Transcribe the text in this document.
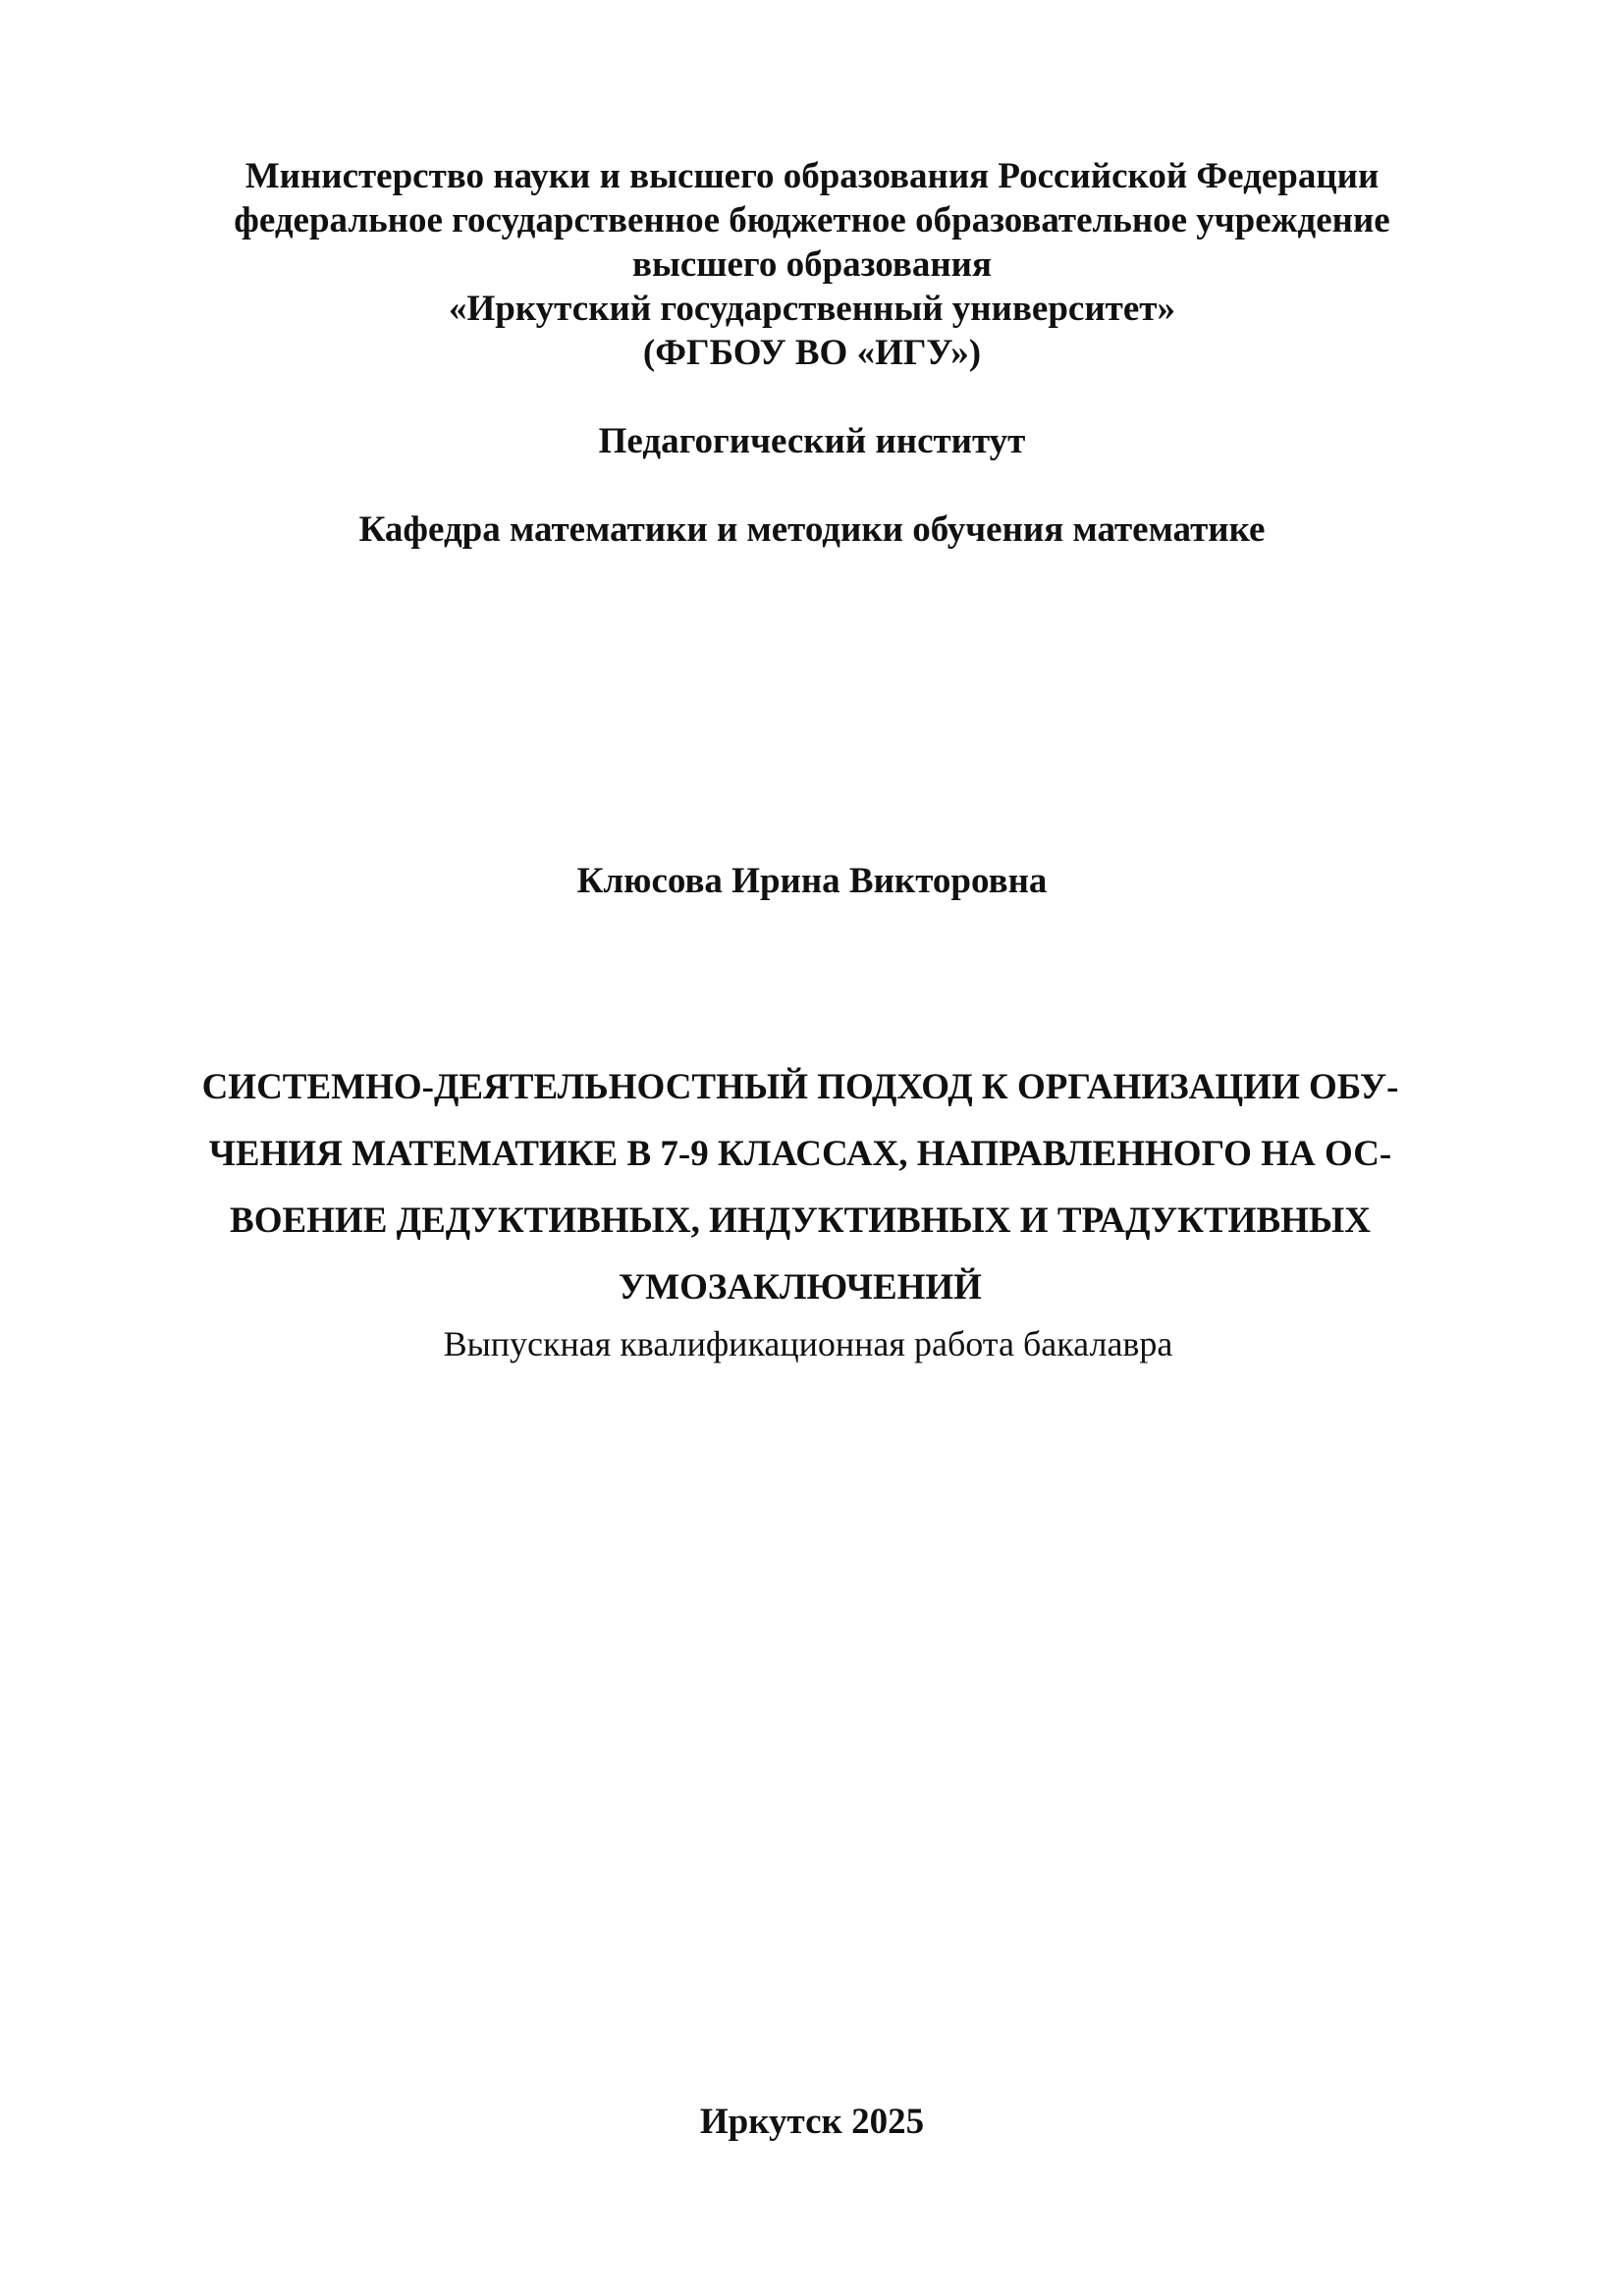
Министерство науки и высшего образования Российской Федерации
федеральное государственное бюджетное образовательное учреждение
высшего образования
«Иркутский государственный университет»
(ФГБОУ ВО «ИГУ»)
Педагогический институт
Кафедра математики и методики обучения математике
Клюсова Ирина Викторовна
СИСТЕМНО-ДЕЯТЕЛЬНОСТНЫЙ ПОДХОД К ОРГАНИЗАЦИИ ОБУ-
ЧЕНИЯ МАТЕМАТИКЕ В 7-9 КЛАССАХ, НАПРАВЛЕННОГО НА ОС-
ВОЕНИЕ ДЕДУКТИВНЫХ, ИНДУКТИВНЫХ И ТРАДУКТИВНЫХ
УМОЗАКЛЮЧЕНИЙ
Выпускная квалификационная работа бакалавра
Иркутск 2025
